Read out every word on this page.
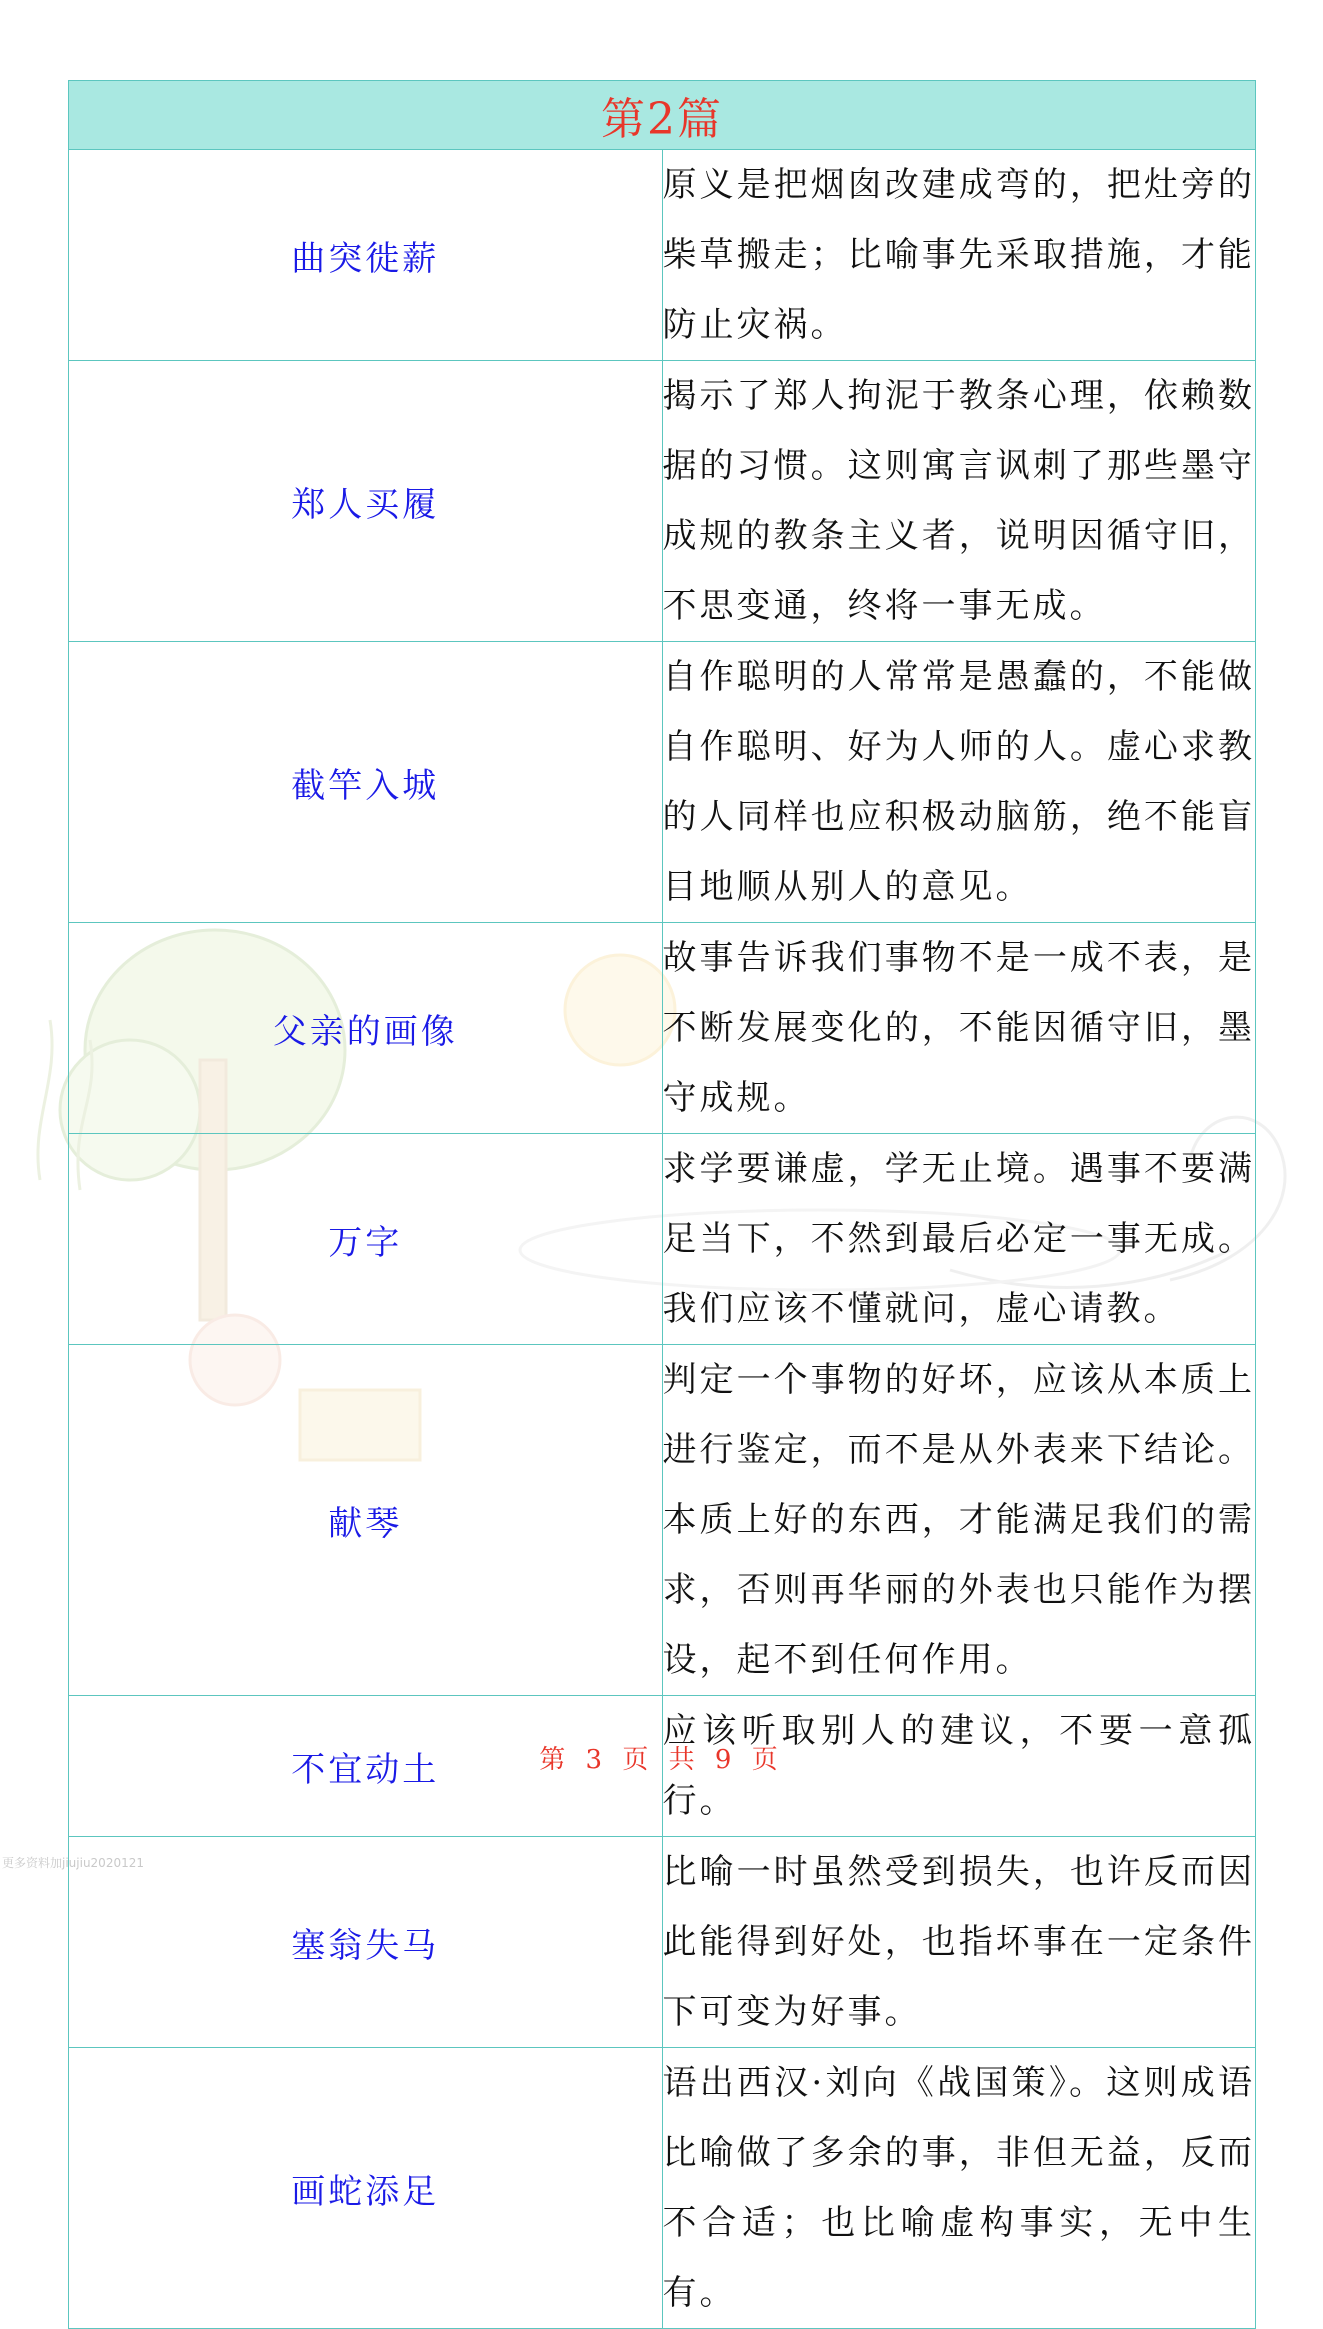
第2篇	
曲突徙薪	原义是把烟囱改建成弯的，把灶旁的柴草搬走；比喻事先采取措施，才能防止灾祸。
郑人买履	揭示了郑人拘泥于教条心理，依赖数据的习惯。这则寓言讽刺了那些墨守成规的教条主义者，说明因循守旧，不思变通，终将一事无成。
截竿入城	自作聪明的人常常是愚蠢的，不能做自作聪明、好为人师的人。虚心求教的人同样也应积极动脑筋，绝不能盲目地顺从别人的意见。
父亲的画像	故事告诉我们事物不是一成不表，是不断发展变化的，不能因循守旧，墨守成规。
万字	求学要谦虚，学无止境。遇事不要满足当下，不然到最后必定一事无成。我们应该不懂就问，虚心请教。
献琴	判定一个事物的好坏，应该从本质上进行鉴定，而不是从外表来下结论。本质上好的东西，才能满足我们的需求，否则再华丽的外表也只能作为摆设，起不到任何作用。
不宜动土	应该听取别人的建议，不要一意孤行。
塞翁失马	比喻一时虽然受到损失，也许反而因此能得到好处，也指坏事在一定条件下可变为好事。
画蛇添足	语出西汉·刘向《战国策》。这则成语比喻做了多余的事，非但无益，反而不合适；也比喻虚构事实，无中生有。
第 3 页 共 9 页
更多资料加jiujiu2020121
